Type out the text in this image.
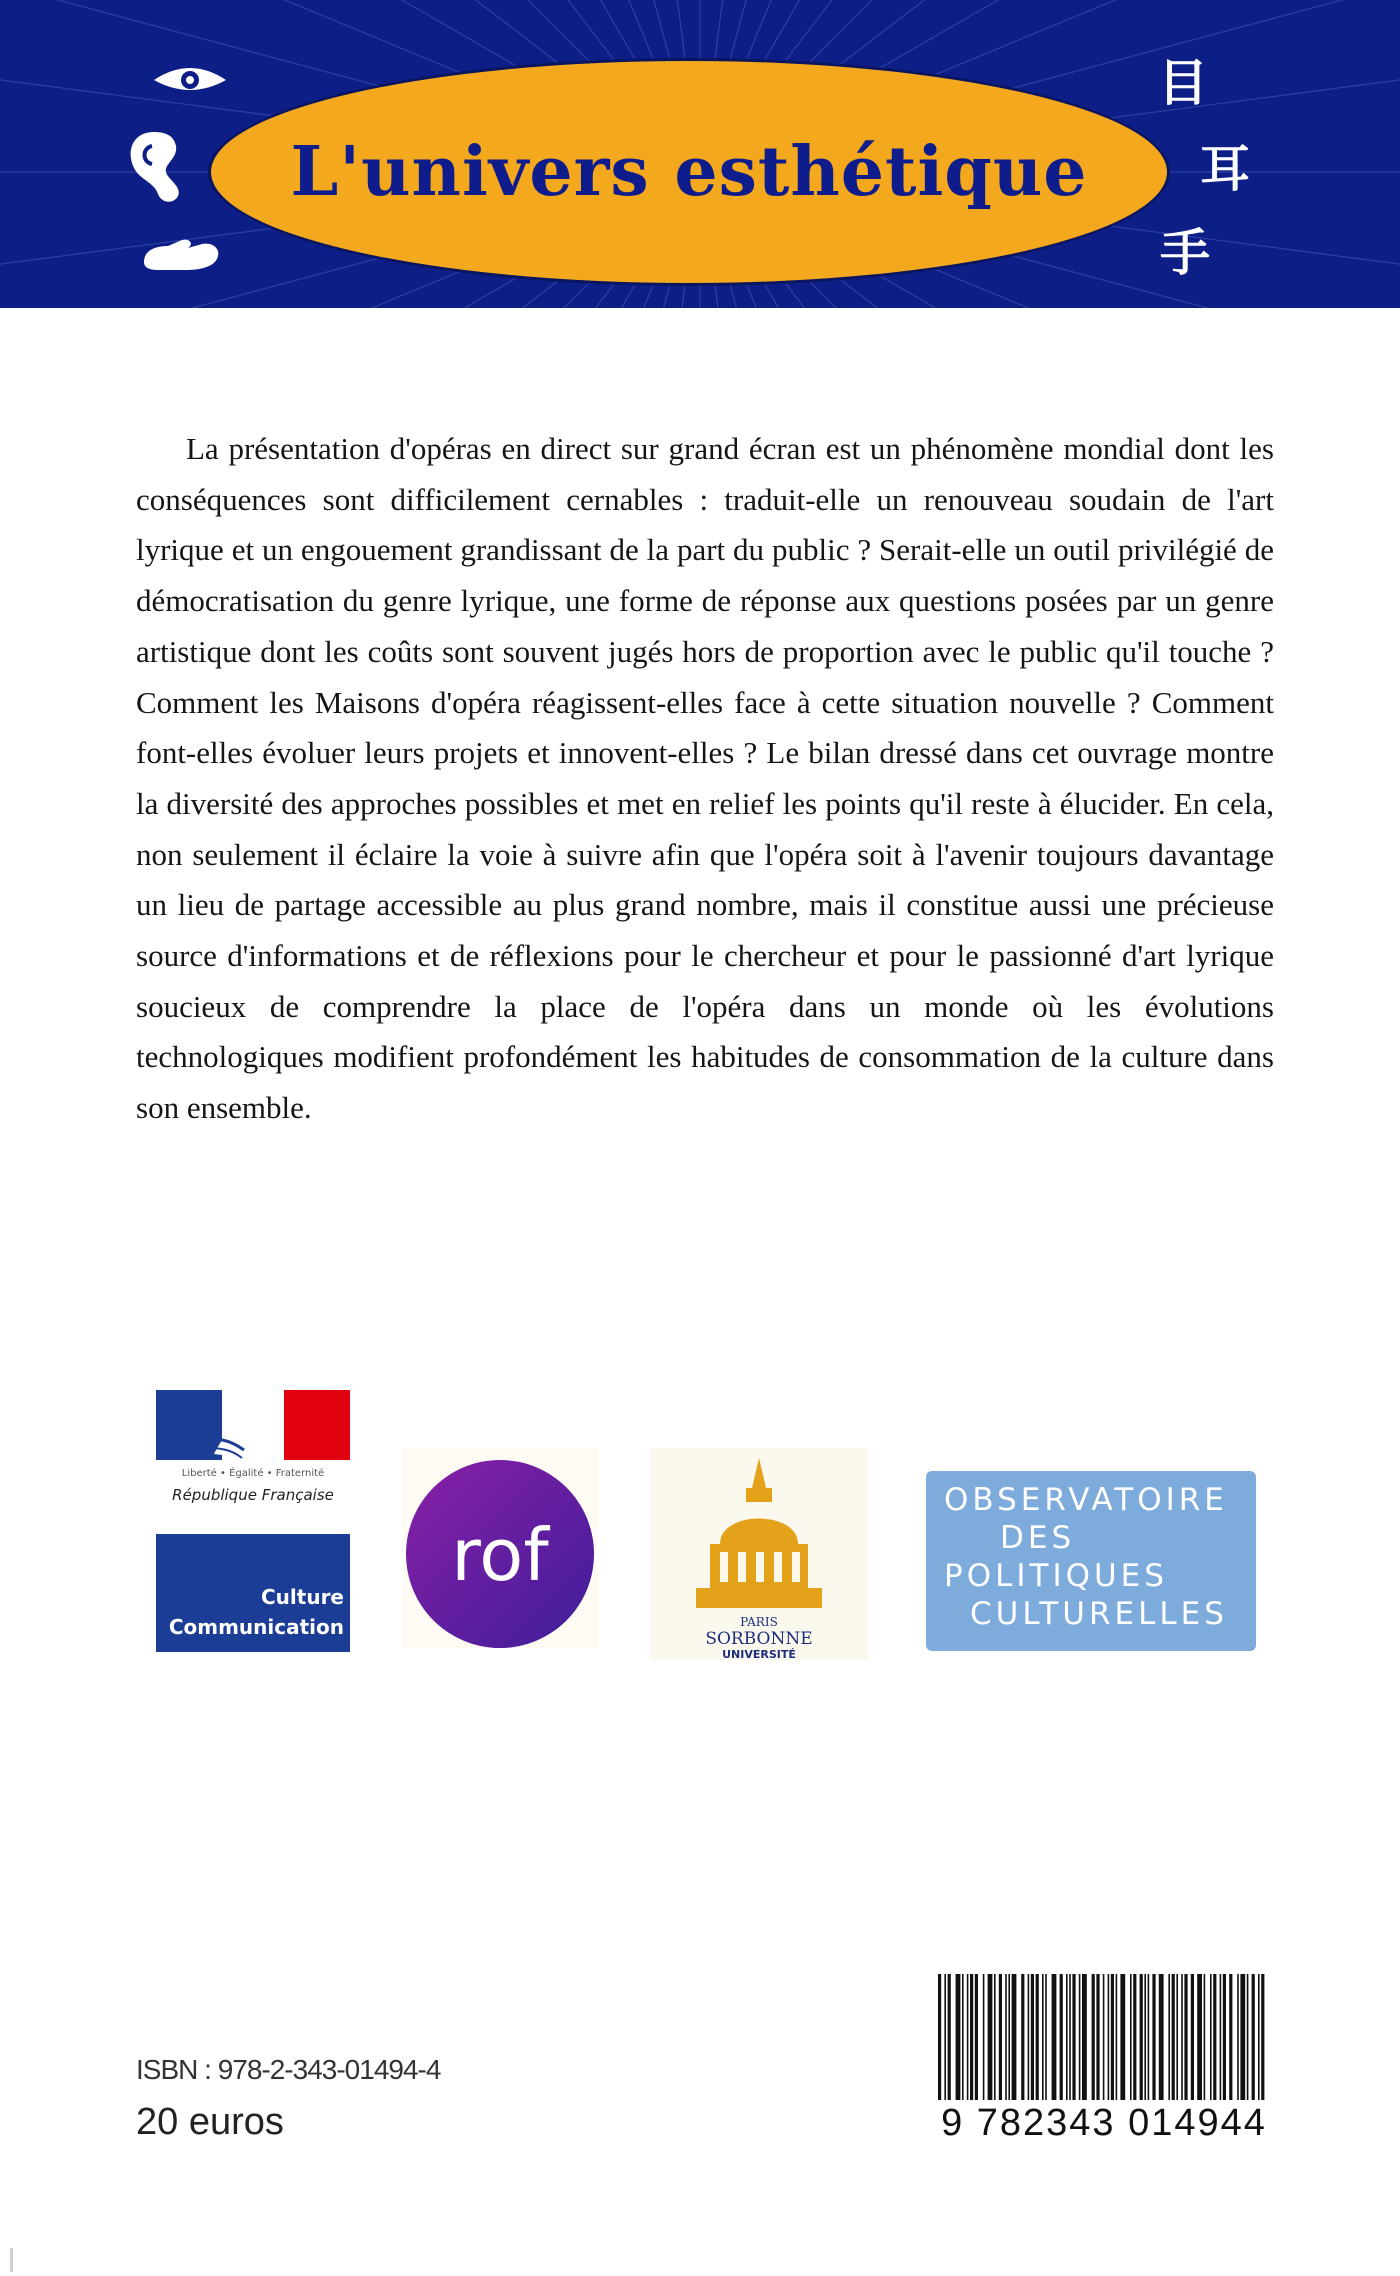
L'univers esthétique
目
耳
手

La présentation d'opéras en direct sur grand écran est un phénomène mondial dont les conséquences sont difficilement cernables : traduit-elle un renouveau soudain de l'art lyrique et un engouement grandissant de la part du public ? Serait-elle un outil privilégié de démocratisation du genre lyrique, une forme de réponse aux questions posées par un genre artistique dont les coûts sont souvent jugés hors de proportion avec le public qu'il touche ? Comment les Maisons d'opéra réagissent-elles face à cette situation nouvelle ? Comment font-elles évoluer leurs projets et innovent-elles ? Le bilan dressé dans cet ouvrage montre la diversité des approches possibles et met en relief les points qu'il reste à élucider. En cela, non seulement il éclaire la voie à suivre afin que l'opéra soit à l'avenir toujours davantage un lieu de partage accessible au plus grand nombre, mais il constitue aussi une précieuse source d'informations et de réflexions pour le chercheur et pour le passionné d'art lyrique soucieux de comprendre la place de l'opéra dans un monde où les évolutions technologiques modifient profondément les habitudes de consommation de la culture dans son ensemble.

Liberté • Égalité • Fraternité
République Française
Culture
Communication
rof
PARIS
SORBONNE
UNIVERSITÉ
OBSERVATOIRE
DES
POLITIQUES
CULTURELLES
ISBN : 978-2-343-01494-4
20 euros	9 782343 014944
